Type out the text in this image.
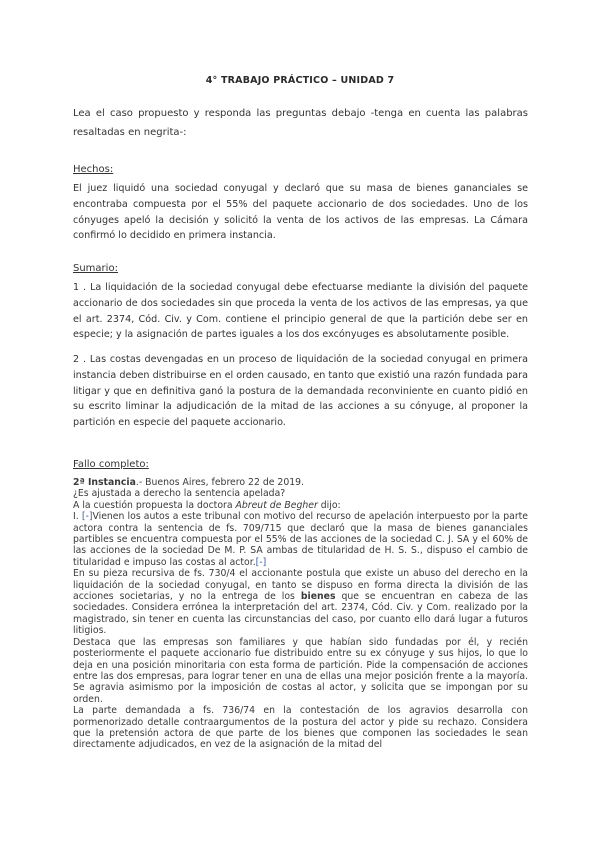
4° TRABAJO PRÁCTICO – UNIDAD 7
Lea el caso propuesto y responda las preguntas debajo -tenga en cuenta las palabras resaltadas en negrita-:
Hechos:
El juez liquidó una sociedad conyugal y declaró que su masa de bienes gananciales se encontraba compuesta por el 55% del paquete accionario de dos sociedades. Uno de los cónyuges apeló la decisión y solicitó la venta de los activos de las empresas. La Cámara confirmó lo decidido en primera instancia.
Sumario:
1 . La liquidación de la sociedad conyugal debe efectuarse mediante la división del paquete accionario de dos sociedades sin que proceda la venta de los activos de las empresas, ya que el art. 2374, Cód. Civ. y Com. contiene el principio general de que la partición debe ser en especie; y la asignación de partes iguales a los dos excónyuges es absolutamente posible.
2 . Las costas devengadas en un proceso de liquidación de la sociedad conyugal en primera instancia deben distribuirse en el orden causado, en tanto que existió una razón fundada para litigar y que en definitiva ganó la postura de la demandada reconviniente en cuanto pidió en su escrito liminar la adjudicación de la mitad de las acciones a su cónyuge, al proponer la partición en especie del paquete accionario.
Fallo completo:

2ª Instancia.- Buenos Aires, febrero 22 de 2019.

¿Es ajustada a derecho la sentencia apelada?

A la cuestión propuesta la doctora Abreut de Begher dijo:

I. [-]Vienen los autos a este tribunal con motivo del recurso de apelación interpuesto por la parte actora contra la sentencia de fs. 709/715 que declaró que la masa de bienes gananciales partibles se encuentra compuesta por el 55% de las acciones de la sociedad C. J. SA y el 60% de las acciones de la sociedad De M. P. SA ambas de titularidad de H. S. S., dispuso el cambio de titularidad e impuso las costas al actor.[-]

En su pieza recursiva de fs. 730/4 el accionante postula que existe un abuso del derecho en la liquidación de la sociedad conyugal, en tanto se dispuso en forma directa la división de las acciones societarias, y no la entrega de los bienes que se encuentran en cabeza de las sociedades. Considera errónea la interpretación del art. 2374, Cód. Civ. y Com. realizado por la magistrado, sin tener en cuenta las circunstancias del caso, por cuanto ello dará lugar a futuros litigios.

Destaca que las empresas son familiares y que habían sido fundadas por él, y recién posteriormente el paquete accionario fue distribuido entre su ex cónyuge y sus hijos, lo que lo deja en una posición minoritaria con esta forma de partición. Pide la compensación de acciones entre las dos empresas, para lograr tener en una de ellas una mejor posición frente a la mayoría. Se agravia asimismo por la imposición de costas al actor, y solicita que se impongan por su orden.

La parte demandada a fs. 736/74 en la contestación de los agravios desarrolla con pormenorizado detalle contraargumentos de la postura del actor y pide su rechazo. Considera que la pretensión actora de que parte de los bienes que componen las sociedades le sean directamente adjudicados, en vez de la asignación de la mitad del
